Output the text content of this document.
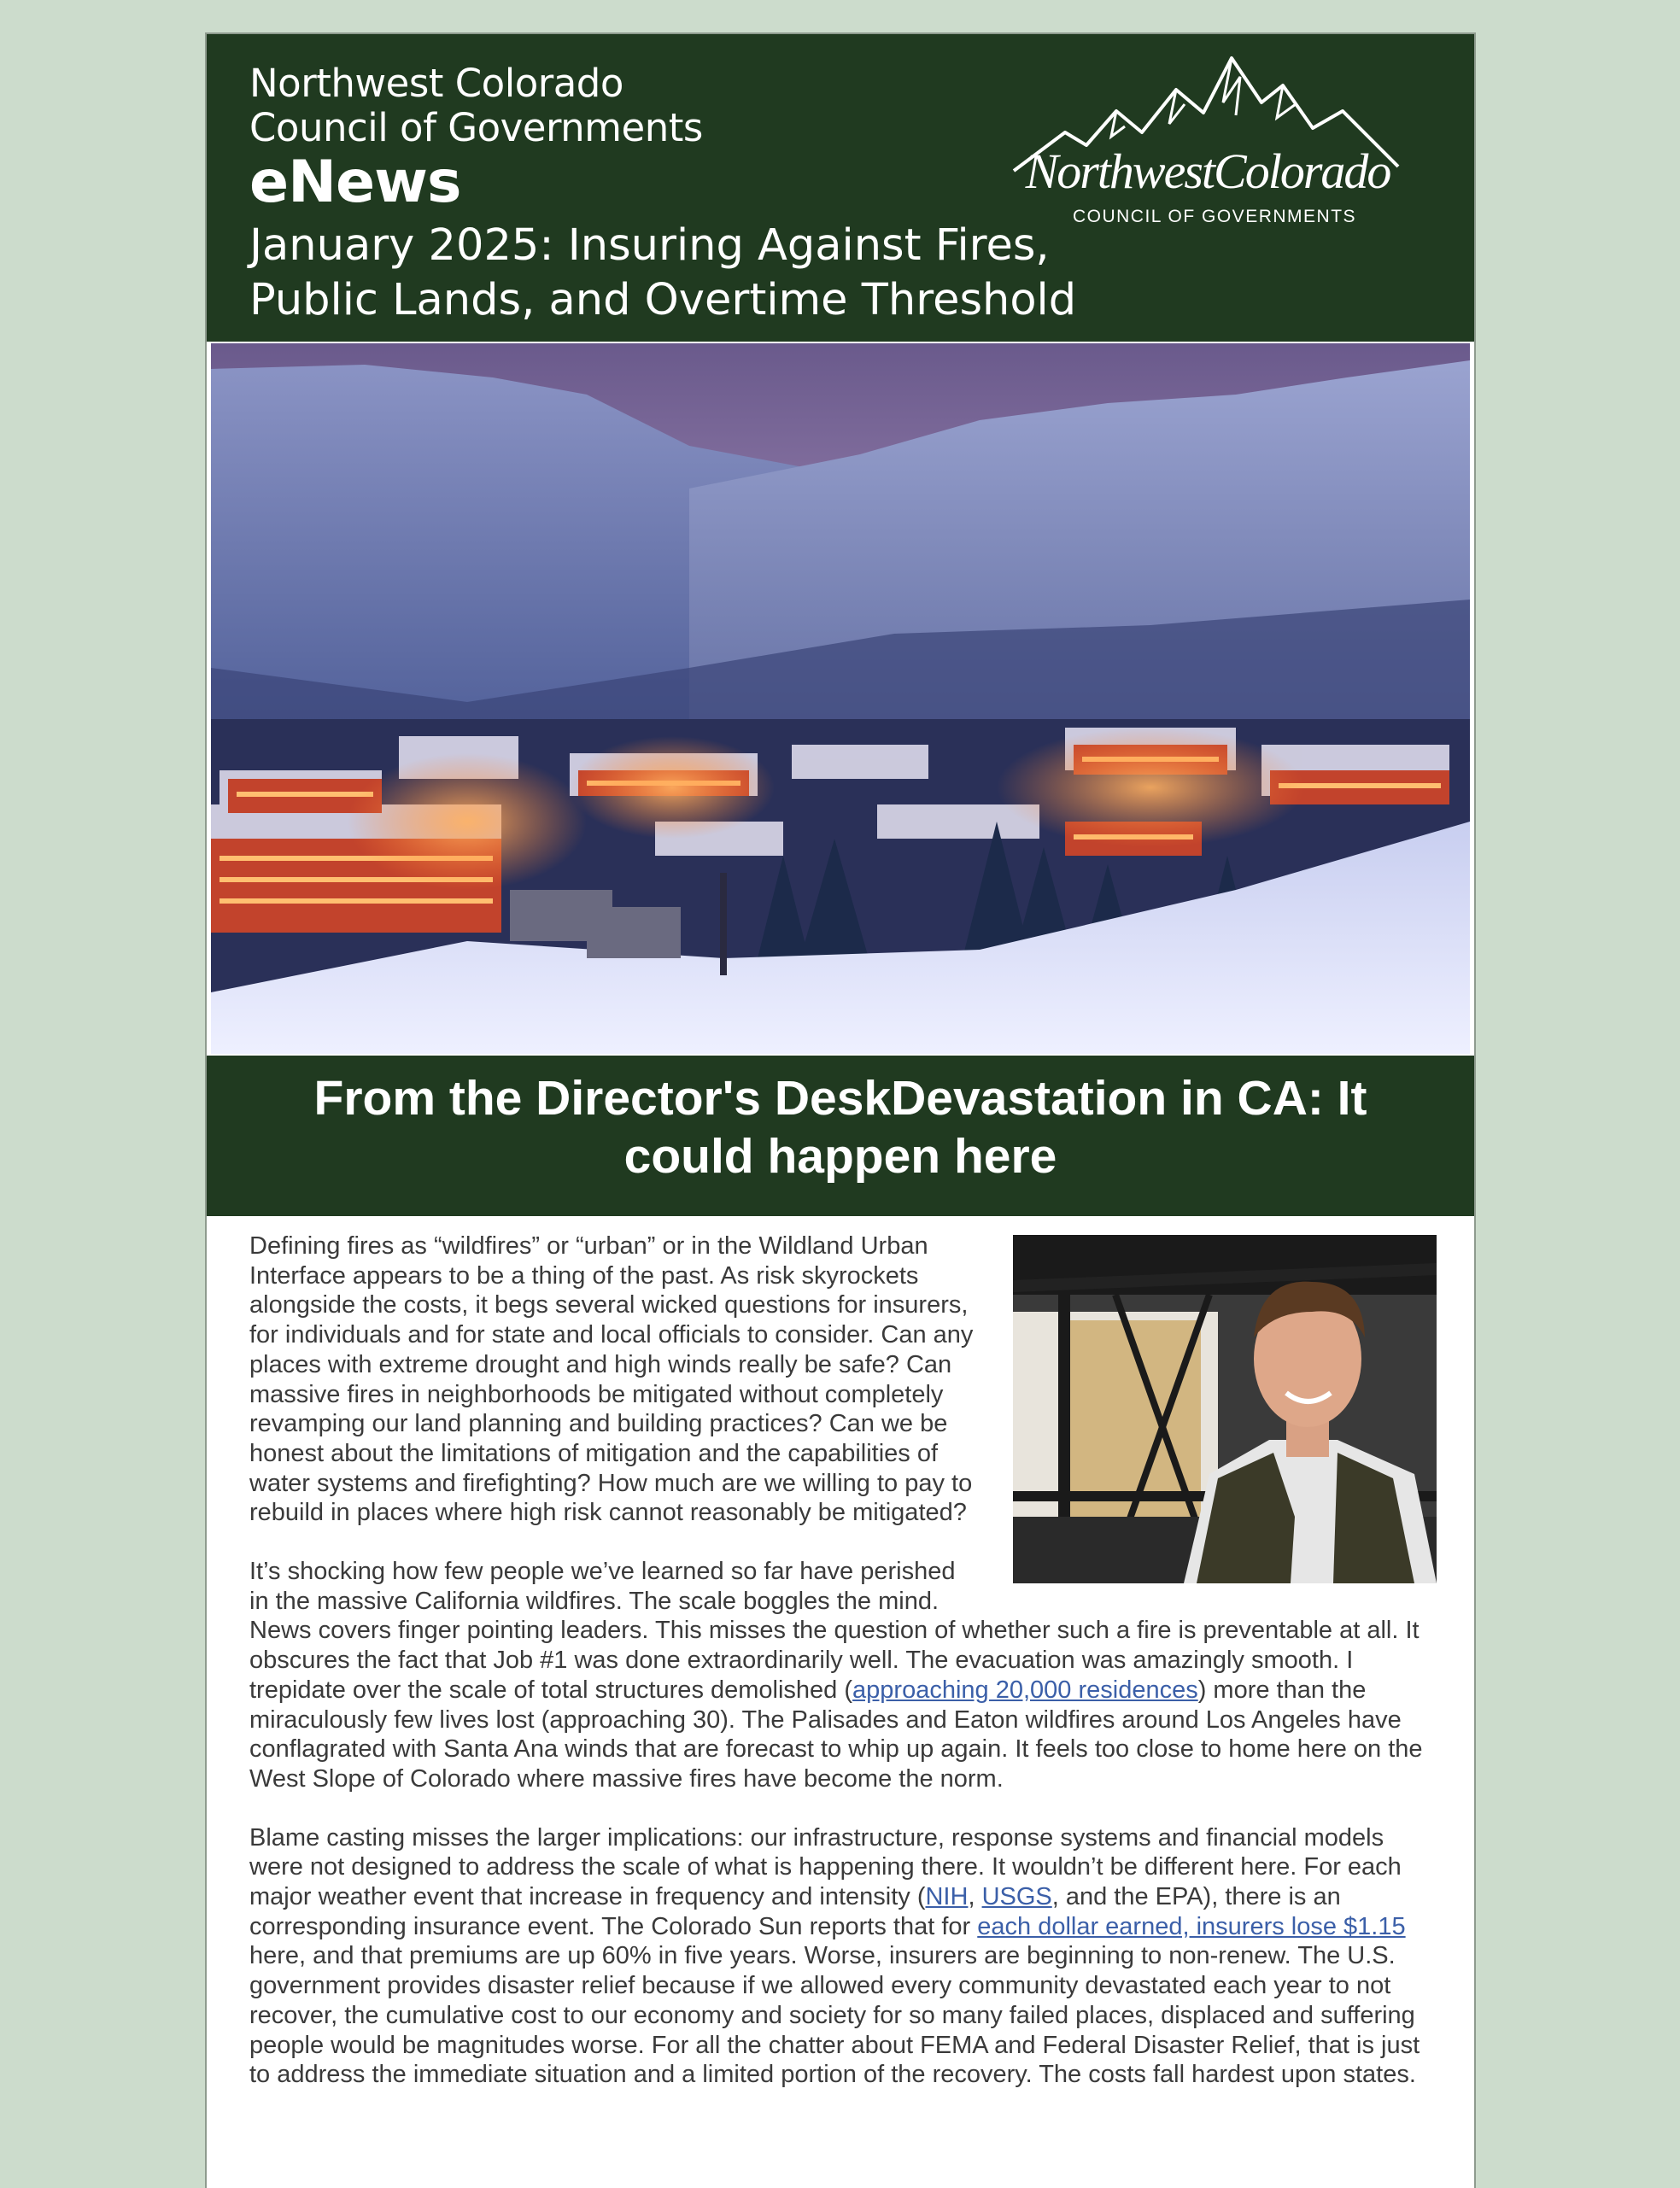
Northwest Colorado
Council of Governments
eNews
January 2025: Insuring Against Fires, Public Lands, and Overtime Threshold
NorthwestColorado
COUNCIL OF GOVERNMENTS
From the Director's DeskDevastation in CA: It could happen here

Defining fires as “wildfires” or “urban” or in the Wildland Urban Interface appears to be a thing of the past. As risk skyrockets alongside the costs, it begs several wicked questions for insurers, for individuals and for state and local officials to consider. Can any places with extreme drought and high winds really be safe? Can massive fires in neighborhoods be mitigated without completely revamping our land planning and building practices? Can we be honest about the limitations of mitigation and the capabilities of water systems and firefighting? How much are we willing to pay to rebuild in places where high risk cannot reasonably be mitigated?

It’s shocking how few people we’ve learned so far have perished in the massive California wildfires. The scale boggles the mind. News covers finger pointing leaders. This misses the question of whether such a fire is preventable at all. It obscures the fact that Job #1 was done extraordinarily well. The evacuation was amazingly smooth. I trepidate over the scale of total structures demolished (approaching 20,000 residences) more than the miraculously few lives lost (approaching 30). The Palisades and Eaton wildfires around Los Angeles have conflagrated with Santa Ana winds that are forecast to whip up again. It feels too close to home here on the West Slope of Colorado where massive fires have become the norm.

Blame casting misses the larger implications: our infrastructure, response systems and financial models were not designed to address the scale of what is happening there. It wouldn’t be different here. For each major weather event that increase in frequency and intensity (NIH, USGS, and the EPA), there is an corresponding insurance event. The Colorado Sun reports that for each dollar earned, insurers lose $1.15 here, and that premiums are up 60% in five years. Worse, insurers are beginning to non-renew. The U.S. government provides disaster relief because if we allowed every community devastated each year to not recover, the cumulative cost to our economy and society for so many failed places, displaced and suffering people would be magnitudes worse. For all the chatter about FEMA and Federal Disaster Relief, that is just to address the immediate situation and a limited portion of the recovery. The costs fall hardest upon states.
